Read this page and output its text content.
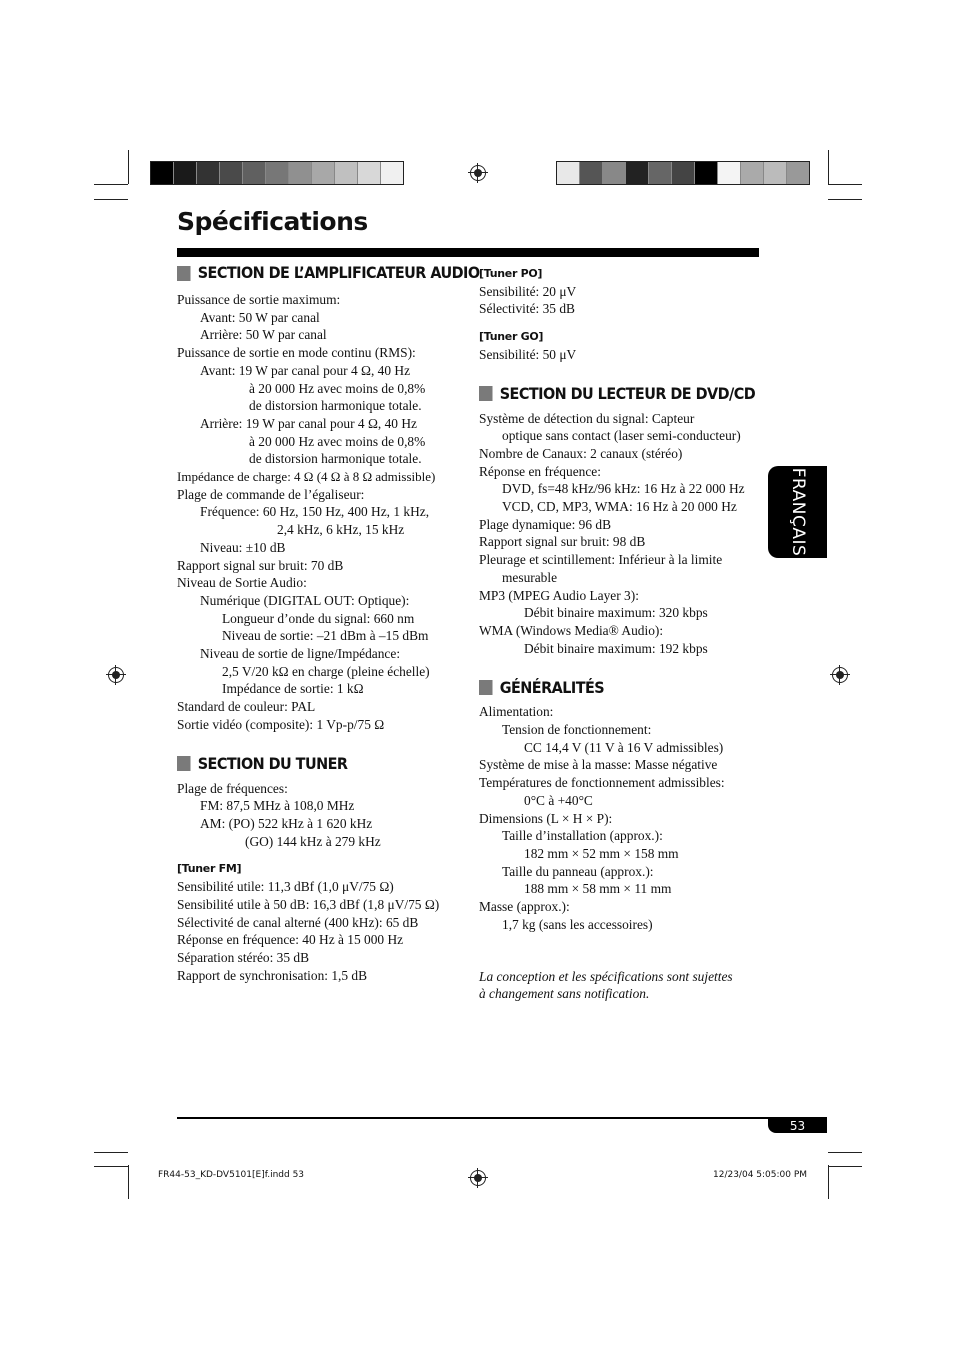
Spécifications
SECTION DE L’AMPLIFICATEUR AUDIO

Puissance de sortie maximum:

Avant: 50 W par canal

Arrière: 50 W par canal

Puissance de sortie en mode continu (RMS):

Avant: 19 W par canal pour 4 Ω, 40 Hz

à 20 000 Hz avec moins de 0,8%

de distorsion harmonique totale.

Arrière: 19 W par canal pour 4 Ω, 40 Hz

à 20 000 Hz avec moins de 0,8%

de distorsion harmonique totale.

Impédance de charge: 4 Ω (4 Ω à 8 Ω admissible)

Plage de commande de l’égaliseur:

Fréquence: 60 Hz, 150 Hz, 400 Hz, 1 kHz,

2,4 kHz, 6 kHz, 15 kHz

Niveau: ±10 dB

Rapport signal sur bruit: 70 dB

Niveau de Sortie Audio:

Numérique (DIGITAL OUT: Optique):

Longueur d’onde du signal: 660 nm

Niveau de sortie: –21 dBm à –15 dBm

Niveau de sortie de ligne/Impédance:

2,5 V/20 kΩ en charge (pleine échelle)

Impédance de sortie: 1 kΩ

Standard de couleur: PAL

Sortie vidéo (composite): 1 Vp-p/75 Ω

SECTION DU TUNER

Plage de fréquences:

FM: 87,5 MHz à 108,0 MHz

AM: (PO) 522 kHz à 1 620 kHz

(GO) 144 kHz à 279 kHz

[Tuner FM]

Sensibilité utile: 11,3 dBf (1,0 μV/75 Ω)

Sensibilité utile à 50 dB: 16,3 dBf (1,8 μV/75 Ω)

Sélectivité de canal alterné (400 kHz): 65 dB

Réponse en fréquence: 40 Hz à 15 000 Hz

Séparation stéréo: 35 dB

Rapport de synchronisation: 1,5 dB

[Tuner PO]

Sensibilité: 20 μV

Sélectivité: 35 dB

[Tuner GO]

Sensibilité: 50 μV

SECTION DU LECTEUR DE DVD/CD

Système de détection du signal: Capteur

optique sans contact (laser semi-conducteur)

Nombre de Canaux: 2 canaux (stéréo)

Réponse en fréquence:

DVD, fs=48 kHz/96 kHz: 16 Hz à 22 000 Hz

VCD, CD, MP3, WMA: 16 Hz à 20 000 Hz

Plage dynamique: 96 dB

Rapport signal sur bruit: 98 dB

Pleurage et scintillement: Inférieur à la limite

mesurable

MP3 (MPEG Audio Layer 3):

Débit binaire maximum: 320 kbps

WMA (Windows Media® Audio):

Débit binaire maximum: 192 kbps

GÉNÉRALITÉS

Alimentation:

Tension de fonctionnement:

CC 14,4 V (11 V à 16 V admissibles)

Système de mise à la masse: Masse négative

Températures de fonctionnement admissibles:

0°C à +40°C

Dimensions (L × H × P):

Taille d’installation (approx.):

182 mm × 52 mm × 158 mm

Taille du panneau (approx.):

188 mm × 58 mm × 11 mm

Masse (approx.):

1,7 kg (sans les accessoires)

La conception et les spécifications sont sujettes

à changement sans notification.

FRANÇAIS
53
FR44-53_KD-DV5101[E]f.indd 53	12/23/04 5:05:00 PM
